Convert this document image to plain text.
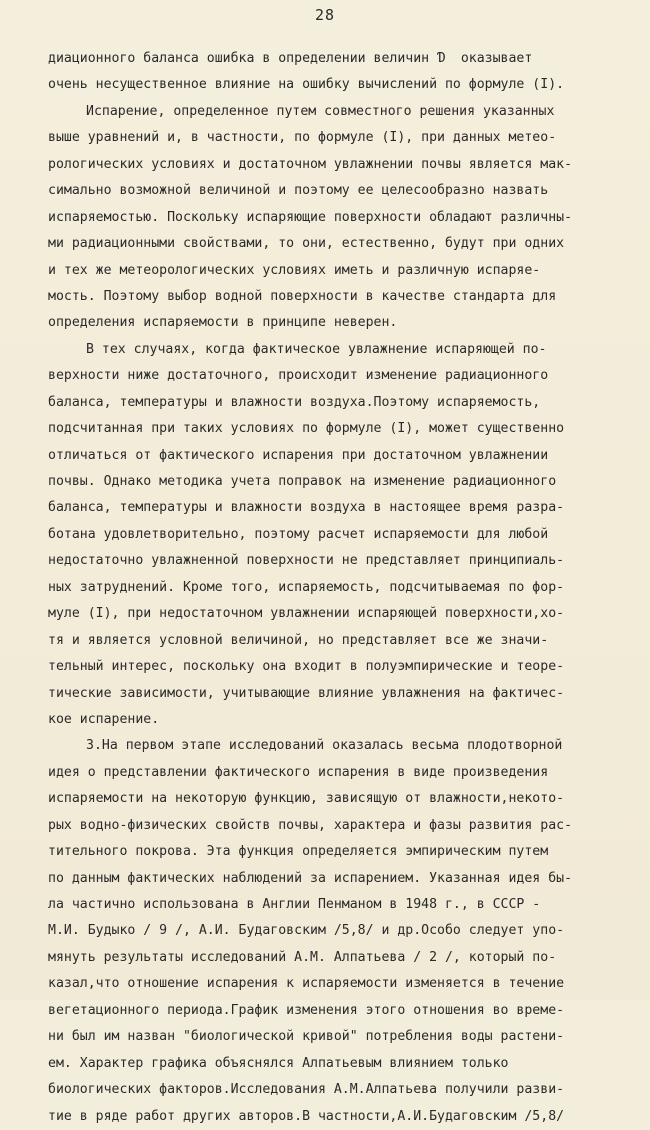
28
диационного баланса ошибка в определении величин Ɗ  оказывает
очень несущественное влияние на ошибку вычислений по формуле (I).
Испарение, определенное путем совместного решения указанных
выше уравнений и, в частности, по формуле (I), при данных метео-
рологических условиях и достаточном увлажнении почвы является мак-
симально возможной величиной и поэтому ее целесообразно назвать
испаряемостью. Поскольку испаряющие поверхности обладают различны-
ми радиационными свойствами, то они, естественно, будут при одних
и тех же метеорологических условиях иметь и различную испаряе-
мость. Поэтому выбор водной поверхности в качестве стандарта для
определения испаряемости в принципе неверен.
В тех случаях, когда фактическое увлажнение испаряющей по-
верхности ниже достаточного, происходит изменение радиационного
баланса, температуры и влажности воздуха.Поэтому испаряемость,
подсчитанная при таких условиях по формуле (I), может существенно
отличаться от фактического испарения при достаточном увлажнении
почвы. Однако методика учета поправок на изменение радиационного
баланса, температуры и влажности воздуха в настоящее время разра-
ботана удовлетворительно, поэтому расчет испаряемости для любой
недостаточно увлажненной поверхности не представляет принципиаль-
ных затруднений. Кроме того, испаряемость, подсчитываемая по фор-
муле (I), при недостаточном увлажнении испаряющей поверхности,хо-
тя и является условной величиной, но представляет все же значи-
тельный интерес, поскольку она входит в полуэмпирические и теоре-
тические зависимости, учитывающие влияние увлажнения на фактичес-
кое испарение.
3.На первом этапе исследований оказалась весьма плодотворной
идея о представлении фактического испарения в виде произведения
испаряемости на некоторую функцию, зависящую от влажности,некото-
рых водно-физических свойств почвы, характера и фазы развития рас-
тительного покрова. Эта функция определяется эмпирическим путем
по данным фактических наблюдений за испарением. Указанная идея бы-
ла частично использована в Англии Пенманом в 1948 г., в СССР -
М.И. Будыко / 9 /, А.И. Будаговским /5,8/ и др.Особо следует упо-
мянуть результаты исследований А.М. Алпатьева / 2 /, который по-
казал,что отношение испарения к испаряемости изменяется в течение
вегетационного периода.График изменения этого отношения во време-
ни был им назван "биологической кривой" потребления воды растени-
ем. Характер графика объяснялся Алпатьевым влиянием только
биологических факторов.Исследования А.М.Алпатьева получили разви-
тие в ряде работ других авторов.В частности,А.И.Будаговским /5,8/
